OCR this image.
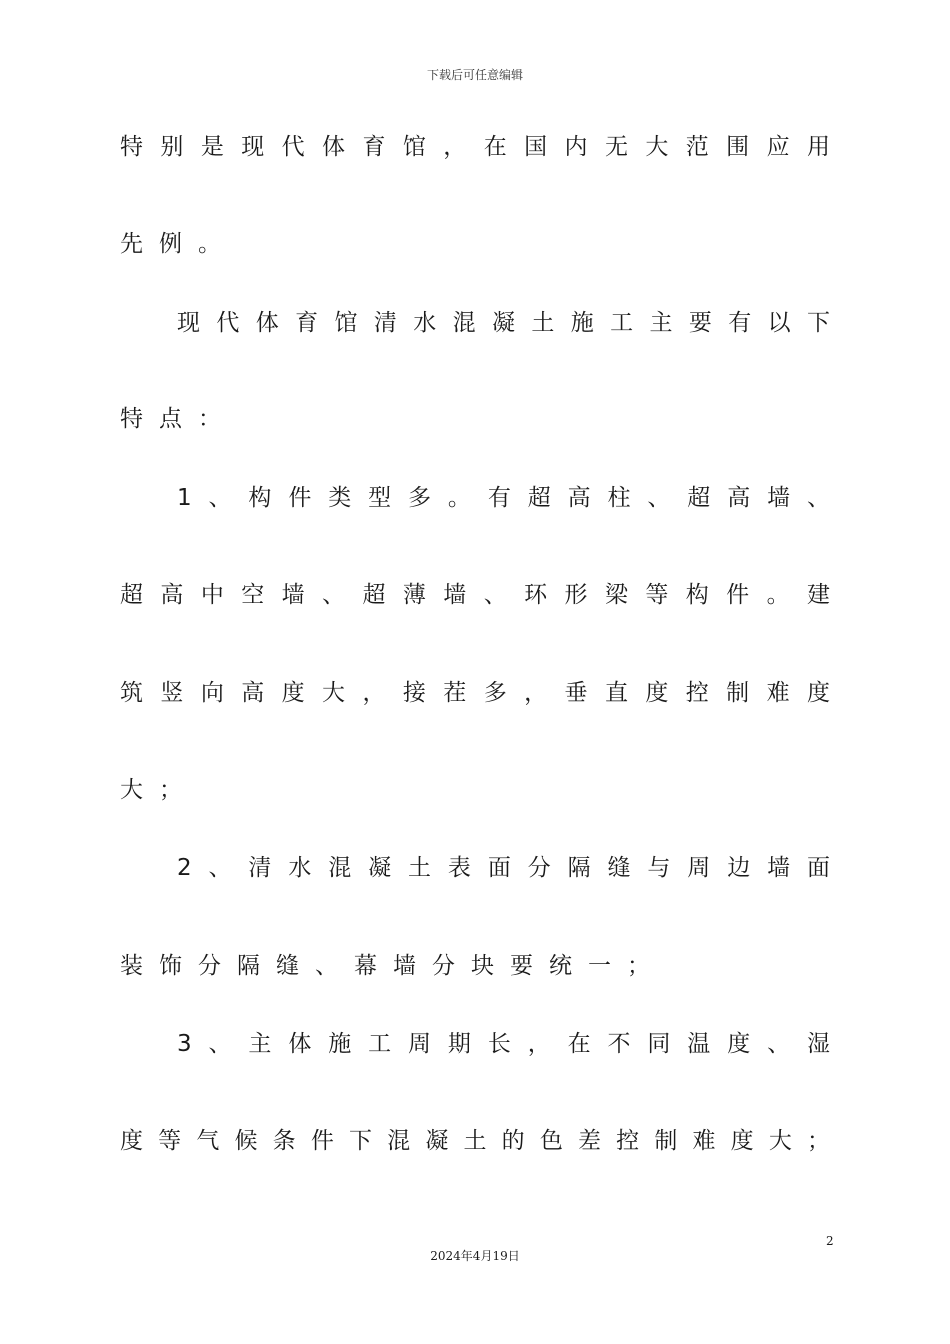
下载后可任意编辑
特别是现代体育馆，在国内无大范围应用
先例。
现代体育馆清水混凝土施工主要有以下
特点：
1、构件类型多。有超高柱、超高墙、
超高中空墙、超薄墙、环形梁等构件。建
筑竖向高度大，接茬多，垂直度控制难度
大；
2、清水混凝土表面分隔缝与周边墙面
装饰分隔缝、幕墙分块要统一；
3、主体施工周期长，在不同温度、湿
度等气候条件下混凝土的色差控制难度大；
2
2024年4月19日
